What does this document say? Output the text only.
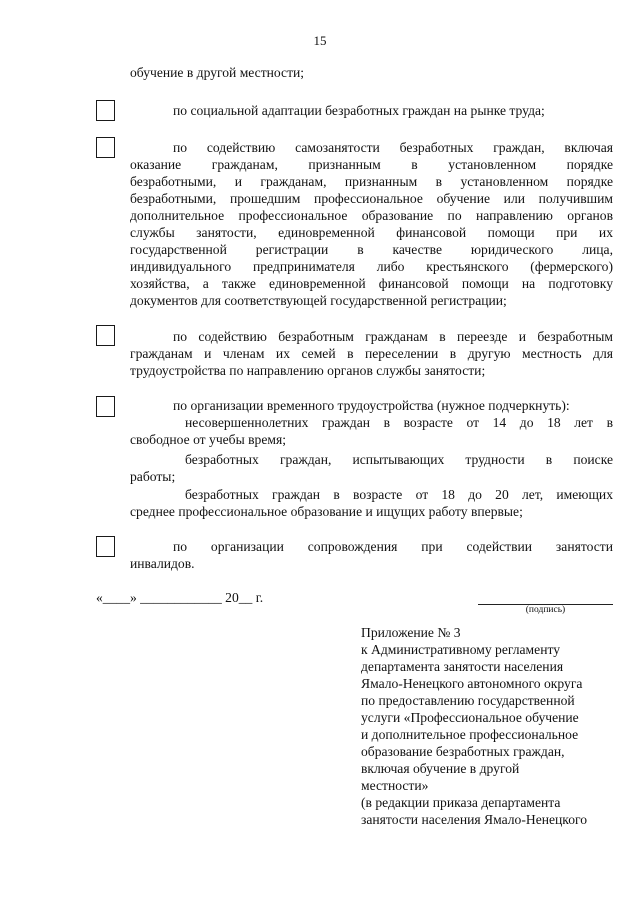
15
обучение в другой местности;
по социальной адаптации безработных граждан на рынке труда;
по содействию самозанятости безработных граждан, включая
оказание гражданам, признанным в установленном порядке
безработными, и гражданам, признанным в установленном порядке
безработными, прошедшим профессиональное обучение или получившим
дополнительное профессиональное образование по направлению органов
службы занятости, единовременной финансовой помощи при их
государственной регистрации в качестве юридического лица,
индивидуального предпринимателя либо крестьянского (фермерского)
хозяйства, а также единовременной финансовой помощи на подготовку
документов для соответствующей государственной регистрации;
по содействию безработным гражданам в переезде и безработным
гражданам и членам их семей в переселении в другую местность для
трудоустройства по направлению органов службы занятости;
по организации временного трудоустройства (нужное подчеркнуть):
несовершеннолетних граждан в возрасте от 14 до 18 лет в
свободное от учебы время;
безработных граждан, испытывающих трудности в поиске
работы;
безработных граждан в возрасте от 18 до 20 лет, имеющих
среднее профессиональное образование и ищущих работу впервые;
по организации сопровождения при содействии занятости
инвалидов.
«____» ____________ 20__ г.
(подпись)
Приложение № 3
к Административному регламенту
департамента занятости населения
Ямало-Ненецкого автономного округа
по предоставлению государственной
услуги «Профессиональное обучение
и дополнительное профессиональное
образование безработных граждан,
включая обучение в другой
местности»
(в редакции приказа департамента
занятости населения Ямало-Ненецкого
